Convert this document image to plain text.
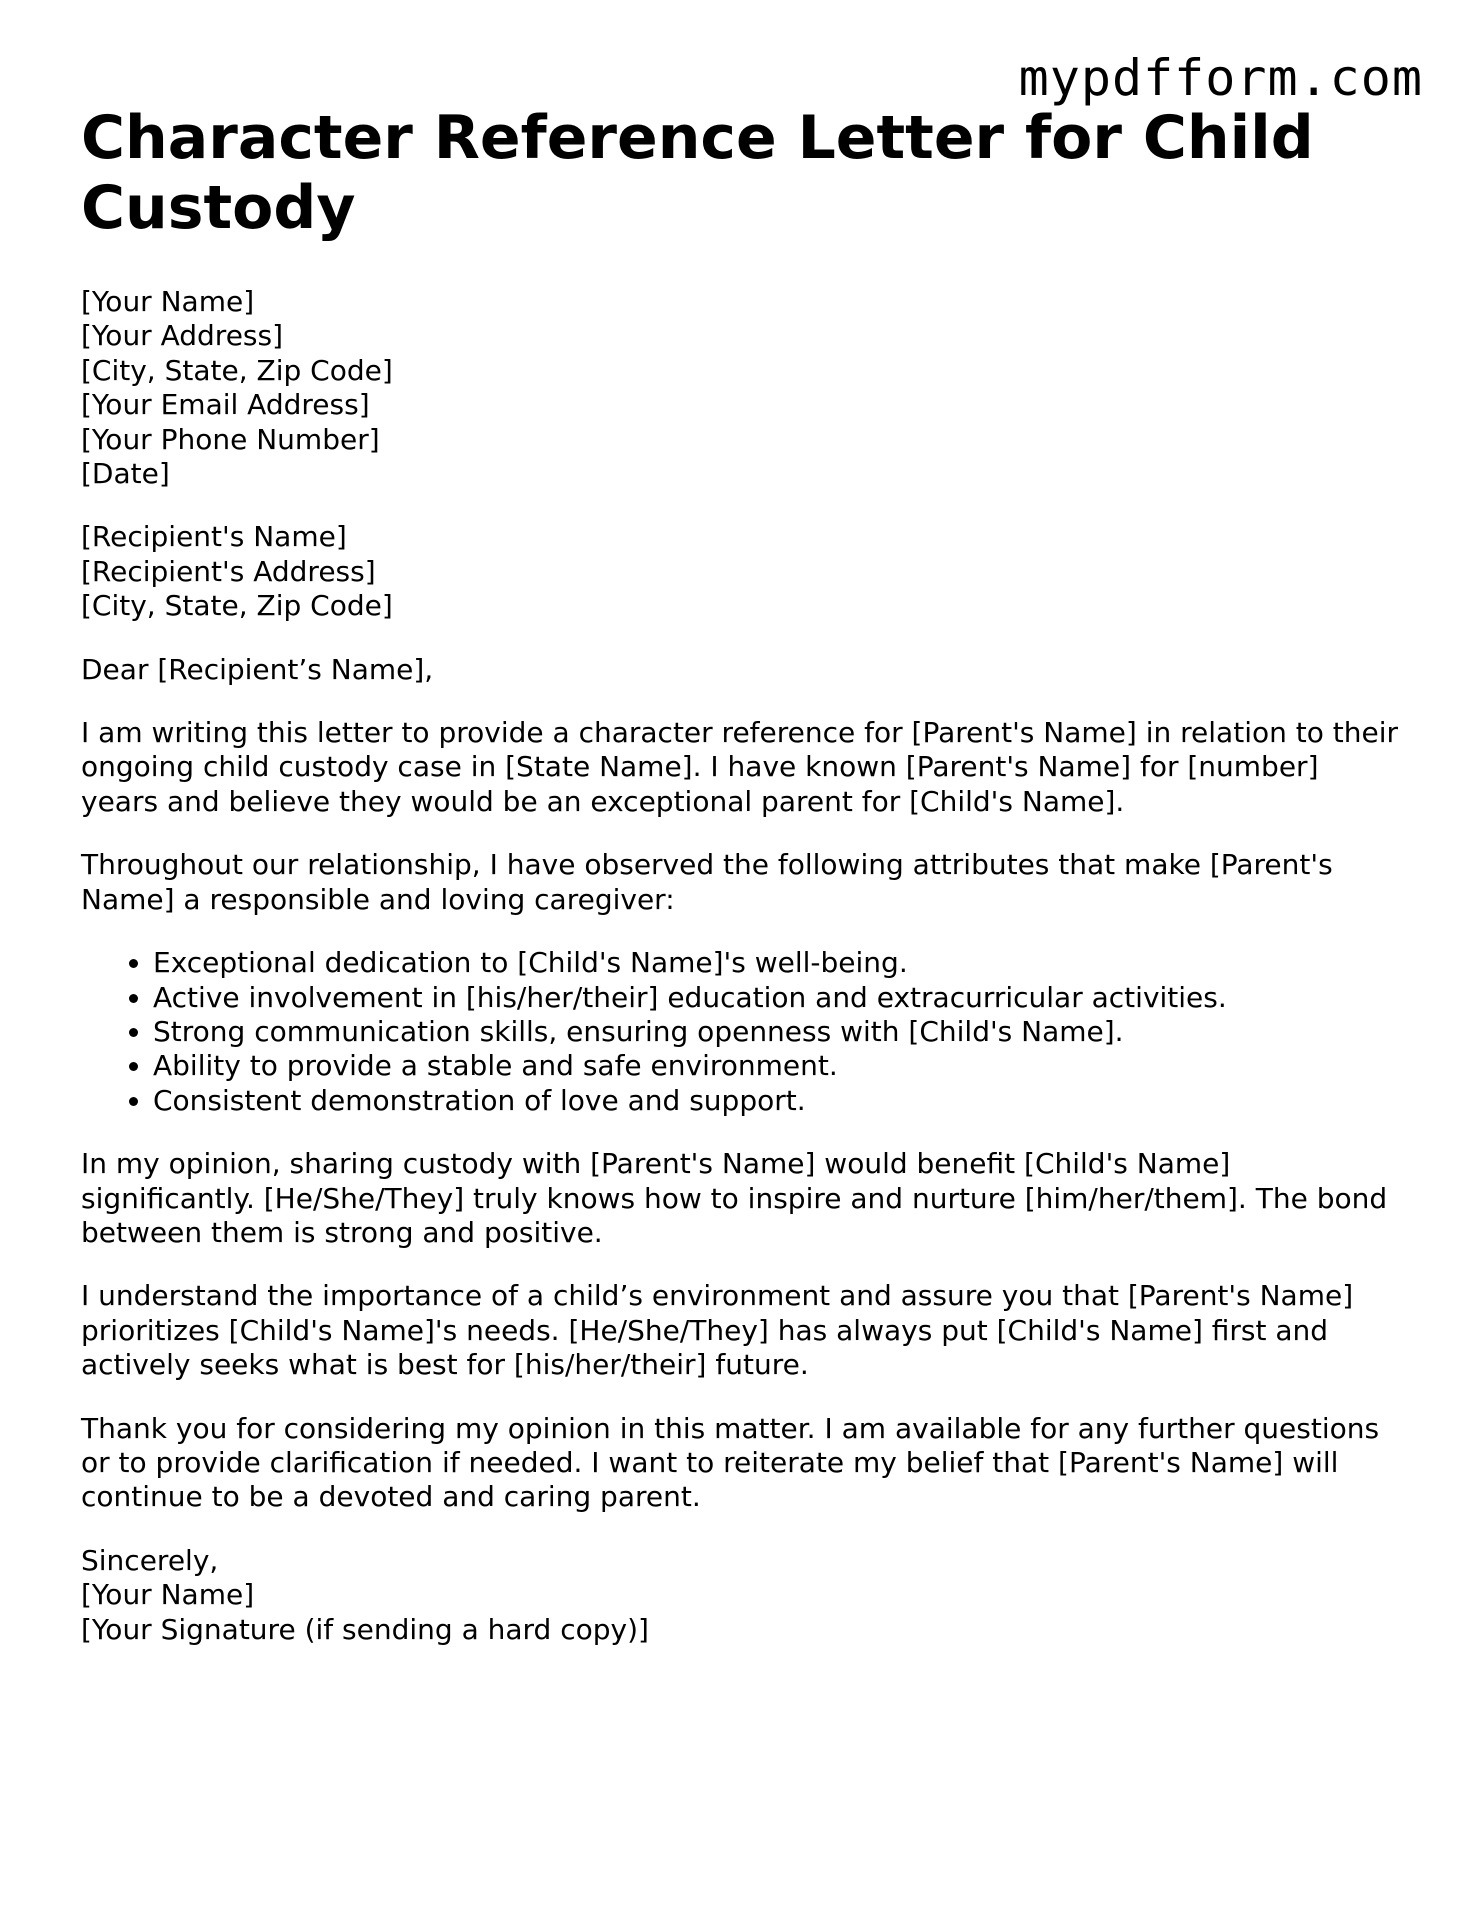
mypdfform.com
Character Reference Letter for Child Custody
[Your Name]
[Your Address]
[City, State, Zip Code]
[Your Email Address]
[Your Phone Number]
[Date]
[Recipient's Name]
[Recipient's Address]
[City, State, Zip Code]

Dear [Recipient’s Name],

I am writing this letter to provide a character reference for [Parent's Name] in relation to their ongoing child custody case in [State Name]. I have known [Parent's Name] for [number] years and believe they would be an exceptional parent for [Child's Name].

Throughout our relationship, I have observed the following attributes that make [Parent's Name] a responsible and loving caregiver:

• Exceptional dedication to [Child's Name]'s well-being.
• Active involvement in [his/her/their] education and extracurricular activities.
• Strong communication skills, ensuring openness with [Child's Name].
• Ability to provide a stable and safe environment.
• Consistent demonstration of love and support.

In my opinion, sharing custody with [Parent's Name] would benefit [Child's Name] significantly. [He/She/They] truly knows how to inspire and nurture [him/her/them]. The bond between them is strong and positive.

I understand the importance of a child’s environment and assure you that [Parent's Name] prioritizes [Child's Name]'s needs. [He/She/They] has always put [Child's Name] first and actively seeks what is best for [his/her/their] future.

Thank you for considering my opinion in this matter. I am available for any further questions or to provide clarification if needed. I want to reiterate my belief that [Parent's Name] will continue to be a devoted and caring parent.

Sincerely,
[Your Name]
[Your Signature (if sending a hard copy)]
